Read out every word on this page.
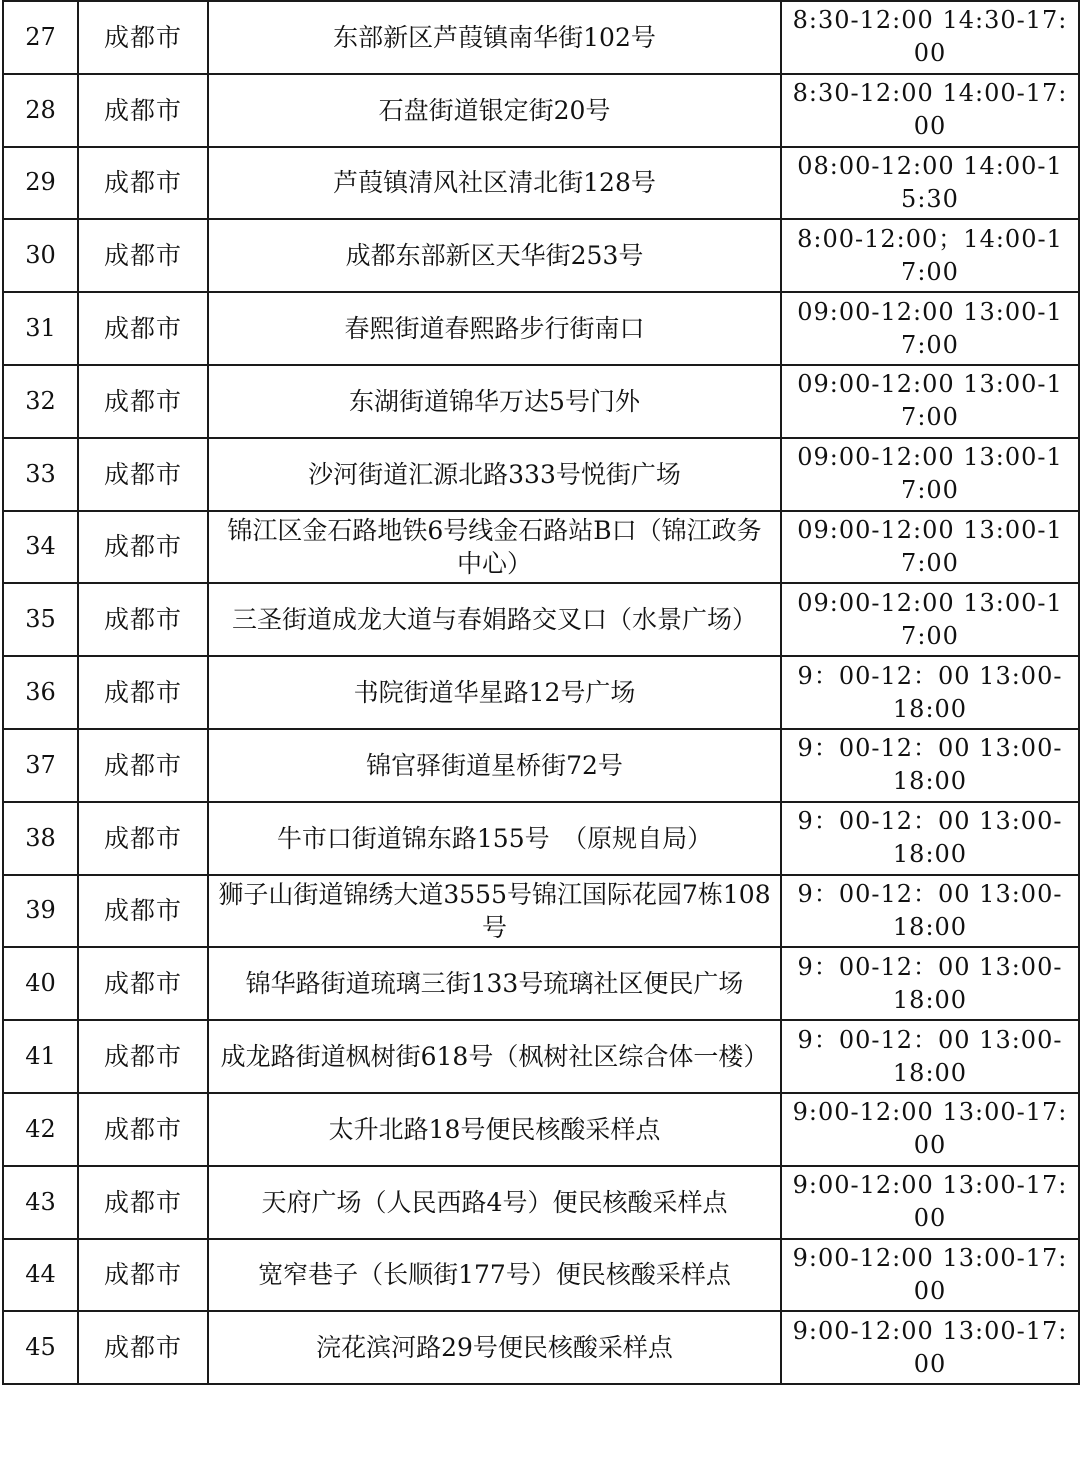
27	成都市	东部新区芦葭镇南华街102号	8:30-12:00 14:30-17:00
28	成都市	石盘街道银定街20号	8:30-12:00 14:00-17:00
29	成都市	芦葭镇清风社区清北街128号	08:00-12:00 14:00-15:30
30	成都市	成都东部新区天华街253号	8:00-12:00；14:00-17:00
31	成都市	春熙街道春熙路步行街南口	09:00-12:00 13:00-17:00
32	成都市	东湖街道锦华万达5号门外	09:00-12:00 13:00-17:00
33	成都市	沙河街道汇源北路333号悦街广场	09:00-12:00 13:00-17:00
34	成都市	锦江区金石路地铁6号线金石路站B口（锦江政务中心）	09:00-12:00 13:00-17:00
35	成都市	三圣街道成龙大道与春娟路交叉口（水景广场）	09:00-12:00 13:00-17:00
36	成都市	书院街道华星路12号广场	9：00-12：00 13:00-18:00
37	成都市	锦官驿街道星桥街72号	9：00-12：00 13:00-18:00
38	成都市	牛市口街道锦东路155号　（原规自局）	9：00-12：00 13:00-18:00
39	成都市	狮子山街道锦绣大道3555号锦江国际花园7栋108号	9：00-12：00 13:00-18:00
40	成都市	锦华路街道琉璃三街133号琉璃社区便民广场	9：00-12：00 13:00-18:00
41	成都市	成龙路街道枫树街618号（枫树社区综合体一楼）	9：00-12：00 13:00-18:00
42	成都市	太升北路18号便民核酸采样点	9:00-12:00 13:00-17:00
43	成都市	天府广场（人民西路4号）便民核酸采样点	9:00-12:00 13:00-17:00
44	成都市	宽窄巷子（长顺街177号）便民核酸采样点	9:00-12:00 13:00-17:00
45	成都市	浣花滨河路29号便民核酸采样点	9:00-12:00 13:00-17:00
